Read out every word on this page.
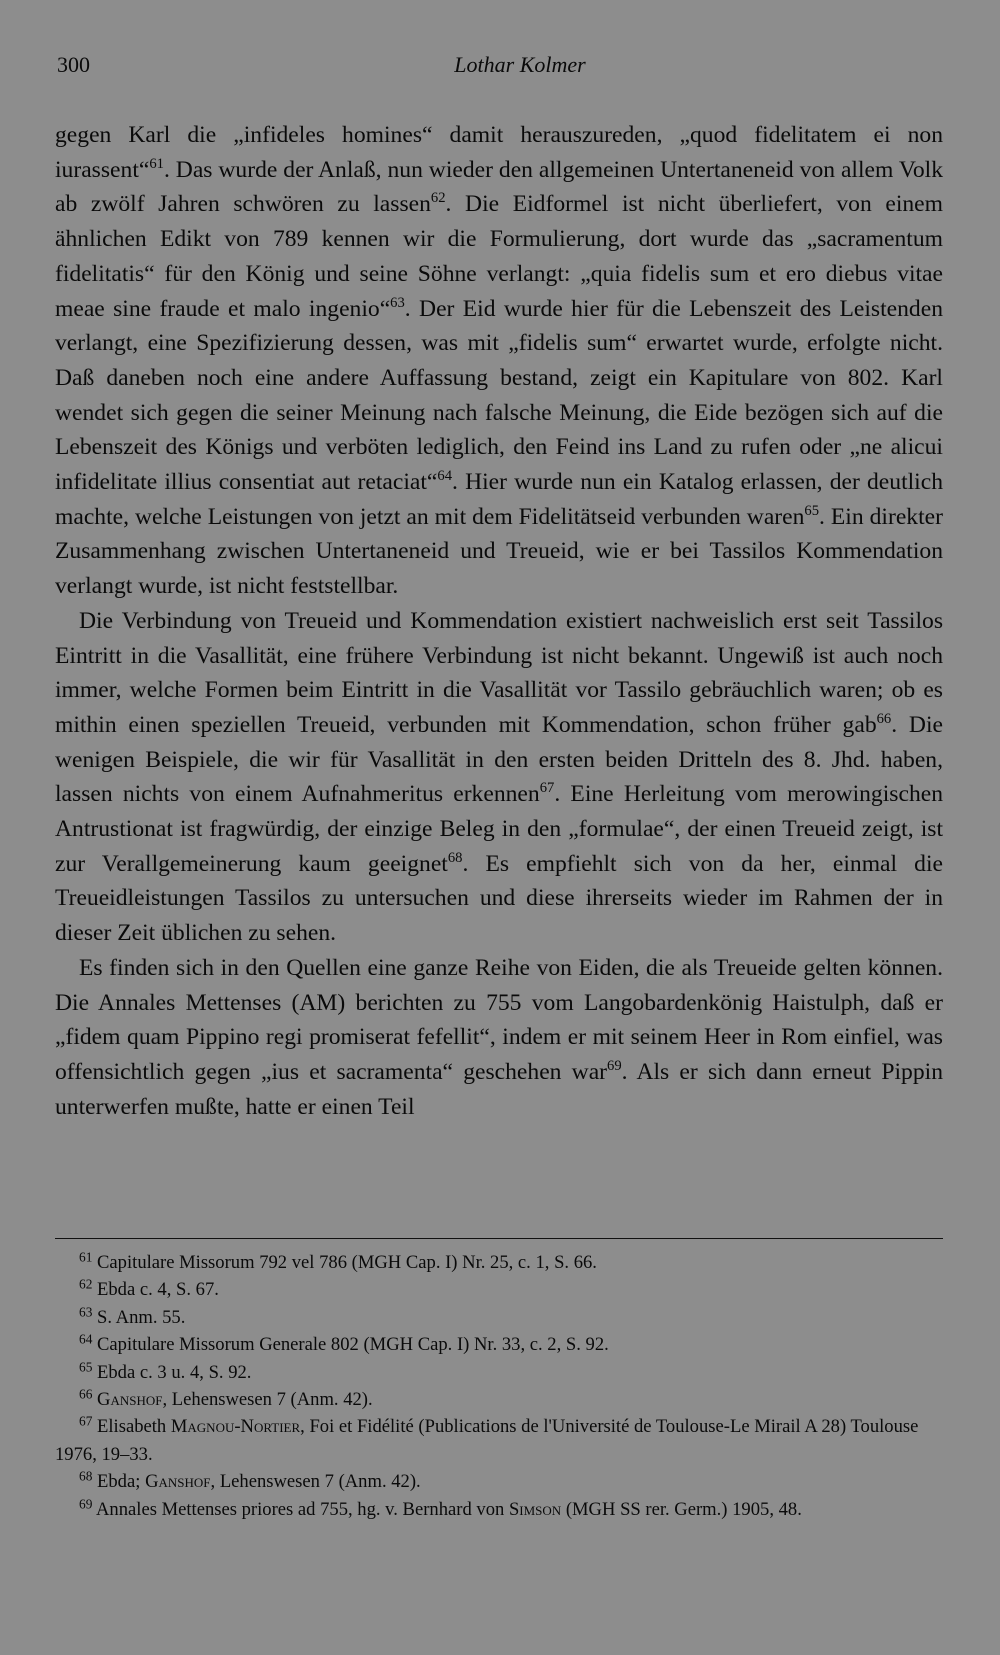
300	Lothar Kolmer

gegen Karl die „infideles homines“ damit herauszureden, „quod fidelitatem ei non iurassent“$^{61}$. Das wurde der Anlaß, nun wieder den allgemeinen Untertaneneid von allem Volk ab zwölf Jahren schwören zu lassen$^{62}$. Die Eidformel ist nicht überliefert, von einem ähnlichen Edikt von 789 kennen wir die Formulierung, dort wurde das „sacramentum fidelitatis“ für den König und seine Söhne verlangt: „quia fidelis sum et ero diebus vitae meae sine fraude et malo ingenio“$^{63}$. Der Eid wurde hier für die Lebenszeit des Leistenden verlangt, eine Spezifizierung dessen, was mit „fidelis sum“ erwartet wurde, erfolgte nicht. Daß daneben noch eine andere Auffassung bestand, zeigt ein Kapitulare von 802. Karl wendet sich gegen die seiner Meinung nach falsche Meinung, die Eide bezögen sich auf die Lebenszeit des Königs und verböten lediglich, den Feind ins Land zu rufen oder „ne alicui infidelitate illius consentiat aut retaciat“$^{64}$. Hier wurde nun ein Katalog erlassen, der deutlich machte, welche Leistungen von jetzt an mit dem Fidelitätseid verbunden waren$^{65}$. Ein direkter Zusammenhang zwischen Untertaneneid und Treueid, wie er bei Tassilos Kommendation verlangt wurde, ist nicht feststellbar.

Die Verbindung von Treueid und Kommendation existiert nachweislich erst seit Tassilos Eintritt in die Vasallität, eine frühere Verbindung ist nicht bekannt. Ungewiß ist auch noch immer, welche Formen beim Eintritt in die Vasallität vor Tassilo gebräuchlich waren; ob es mithin einen speziellen Treueid, verbunden mit Kommendation, schon früher gab$^{66}$. Die wenigen Beispiele, die wir für Vasallität in den ersten beiden Dritteln des 8. Jhd. haben, lassen nichts von einem Aufnahmeritus erkennen$^{67}$. Eine Herleitung vom merowingischen Antrustionat ist fragwürdig, der einzige Beleg in den „formulae“, der einen Treueid zeigt, ist zur Verallgemeinerung kaum geeignet$^{68}$. Es empfiehlt sich von da her, einmal die Treueidleistungen Tassilos zu untersuchen und diese ihrerseits wieder im Rahmen der in dieser Zeit üblichen zu sehen.

Es finden sich in den Quellen eine ganze Reihe von Eiden, die als Treueide gelten können. Die Annales Mettenses (AM) berichten zu 755 vom Langobardenkönig Haistulph, daß er „fidem quam Pippino regi promiserat fefellit“, indem er mit seinem Heer in Rom einfiel, was offensichtlich gegen „ius et sacramenta“ geschehen war$^{69}$. Als er sich dann erneut Pippin unterwerfen mußte, hatte er einen Teil

$^{61}$ Capitulare Missorum 792 vel 786 (MGH Cap. I) Nr. 25, c. 1, S. 66.

$^{62}$ Ebda c. 4, S. 67.

$^{63}$ S. Anm. 55.

$^{64}$ Capitulare Missorum Generale 802 (MGH Cap. I) Nr. 33, c. 2, S. 92.

$^{65}$ Ebda c. 3 u. 4, S. 92.

$^{66}$ Ganshof, Lehenswesen 7 (Anm. 42).

$^{67}$ Elisabeth Magnou-Nortier, Foi et Fidélité (Publications de l'Université de Toulouse-Le Mirail A 28) Toulouse 1976, 19–33.

$^{68}$ Ebda; Ganshof, Lehenswesen 7 (Anm. 42).

$^{69}$ Annales Mettenses priores ad 755, hg. v. Bernhard von Simson (MGH SS rer. Germ.) 1905, 48.
